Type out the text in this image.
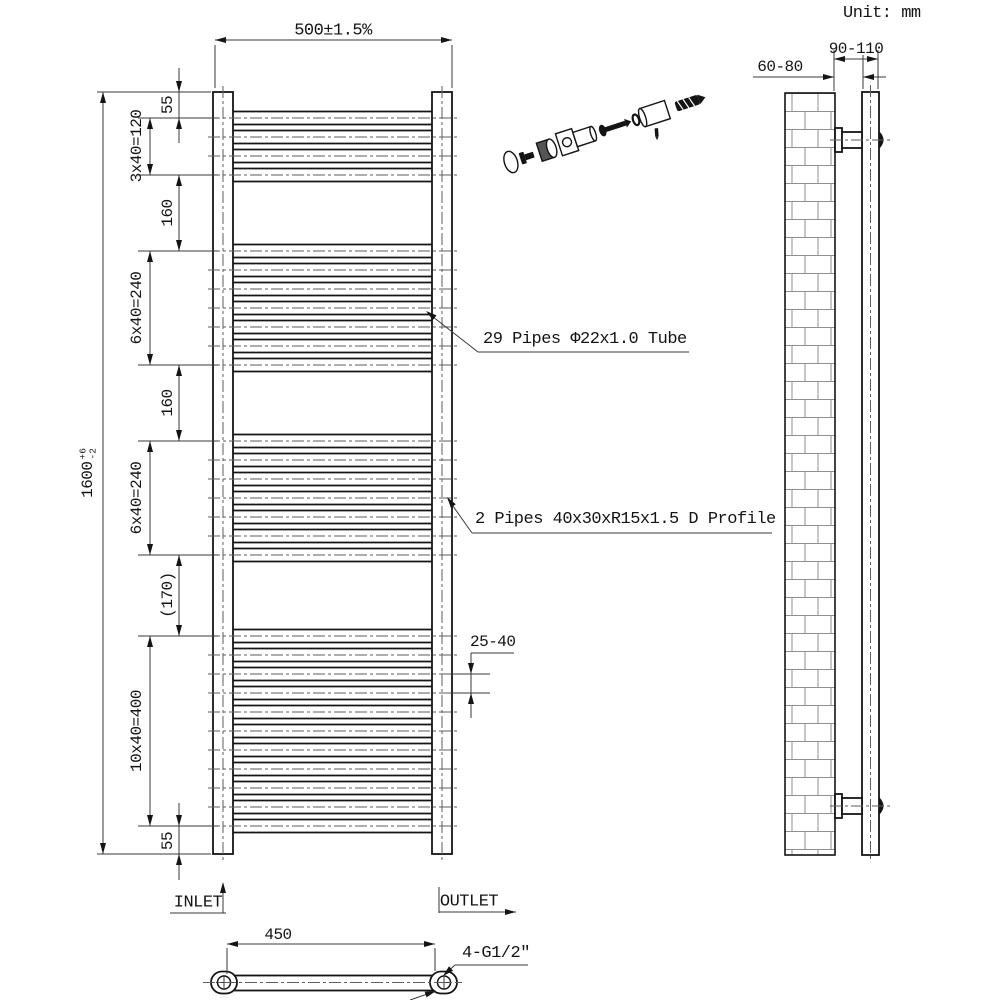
Unit: mm
500±1.5%
1600
+6
-2
55
3x40=120
160
6x40=240
160
6x40=240
(170)
10x40=400
55
25-40
29 Pipes Φ22x1.0 Tube
2 Pipes 40x30xR15x1.5 D Profile
INLET	OUTLET
450
4-G1/2″
90-110
60-80
